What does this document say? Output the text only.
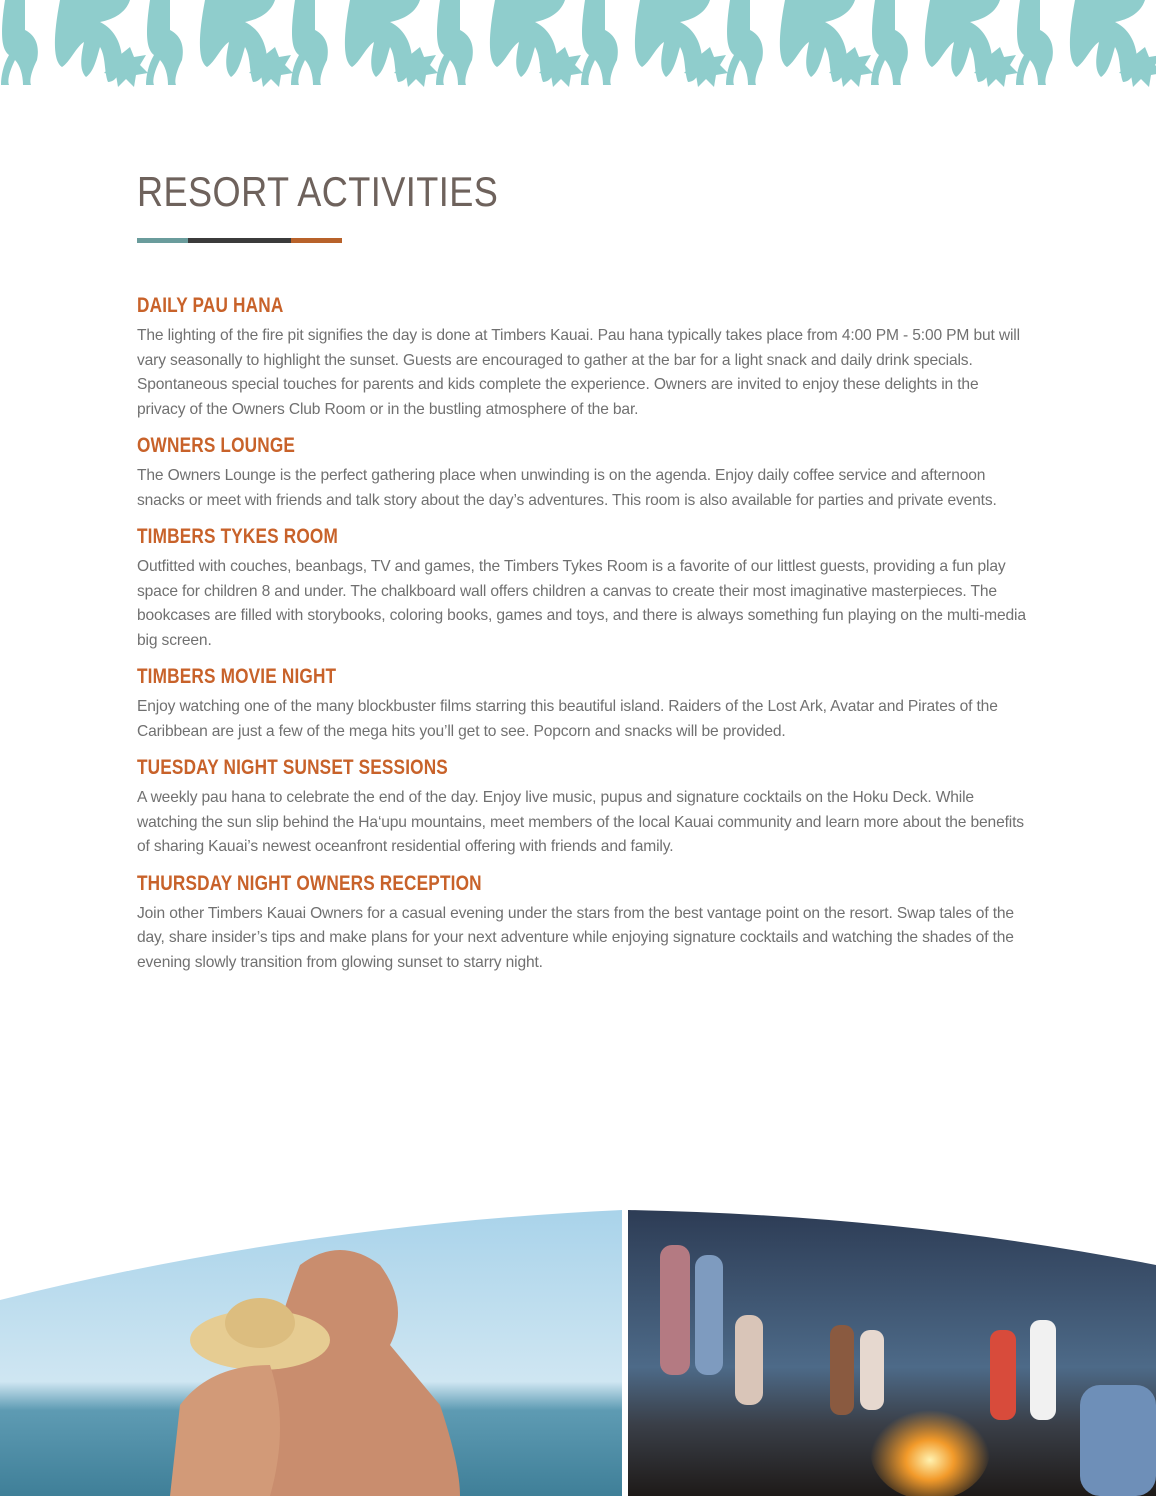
RESORT ACTIVITIES
DAILY PAU HANA

The lighting of the fire pit signifies the day is done at Timbers Kauai. Pau hana typically takes place from 4:00 PM - 5:00 PM but will vary seasonally to highlight the sunset. Guests are encouraged to gather at the bar for a light snack and daily drink specials. Spontaneous special touches for parents and kids complete the experience. Owners are invited to enjoy these delights in the privacy of the Owners Club Room or in the bustling atmosphere of the bar.

OWNERS LOUNGE

The Owners Lounge is the perfect gathering place when unwinding is on the agenda. Enjoy daily coffee service and afternoon snacks or meet with friends and talk story about the day’s adventures. This room is also available for parties and private events.

TIMBERS TYKES ROOM

Outfitted with couches, beanbags, TV and games, the Timbers Tykes Room is a favorite of our littlest guests, providing a fun play space for children 8 and under. The chalkboard wall offers children a canvas to create their most imaginative masterpieces. The bookcases are filled with storybooks, coloring books, games and toys, and there is always something fun playing on the multi-media big screen.

TIMBERS MOVIE NIGHT

Enjoy watching one of the many blockbuster films starring this beautiful island. Raiders of the Lost Ark, Avatar and Pirates of the Caribbean are just a few of the mega hits you’ll get to see. Popcorn and snacks will be provided.

TUESDAY NIGHT SUNSET SESSIONS

A weekly pau hana to celebrate the end of the day. Enjoy live music, pupus and signature cocktails on the Hoku Deck. While watching the sun slip behind the Ha‘upu mountains, meet members of the local Kauai community and learn more about the benefits of sharing Kauai’s newest oceanfront residential offering with friends and family.

THURSDAY NIGHT OWNERS RECEPTION

Join other Timbers Kauai Owners for a casual evening under the stars from the best vantage point on the resort. Swap tales of the day, share insider’s tips and make plans for your next adventure while enjoying signature cocktails and watching the shades of the evening slowly transition from glowing sunset to starry night.
